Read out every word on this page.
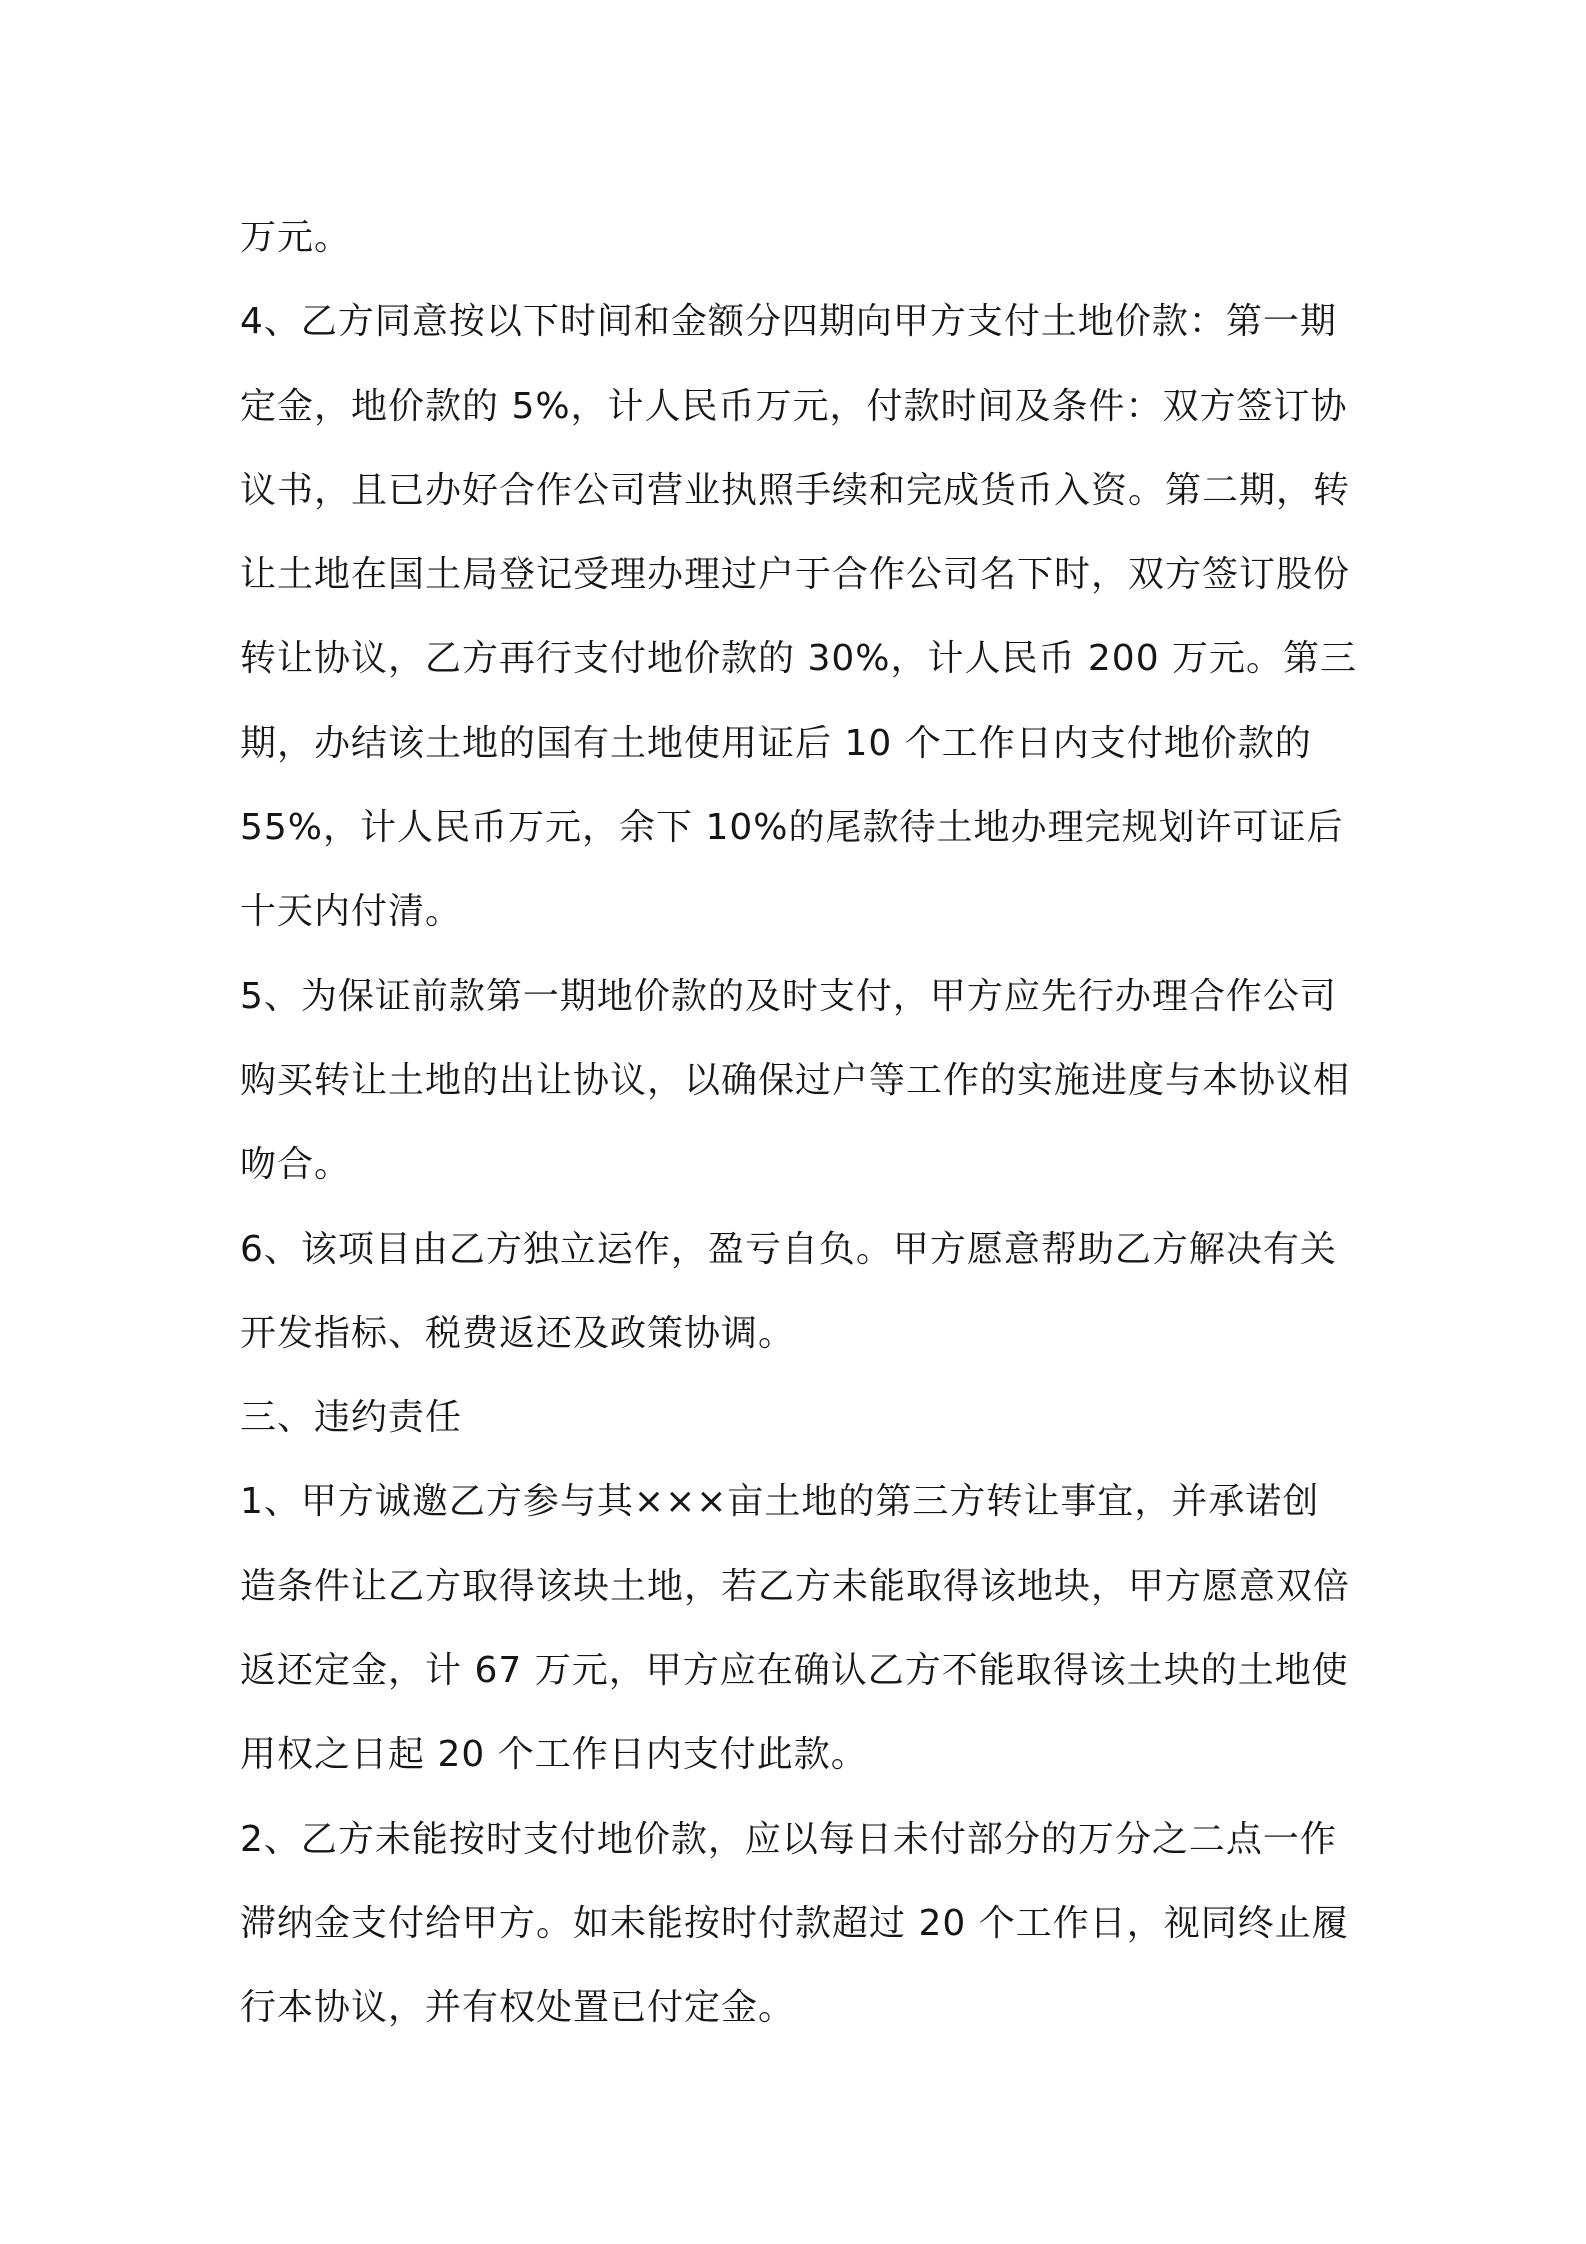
万元。
4、乙方同意按以下时间和金额分四期向甲方支付土地价款：第一期
定金，地价款的 5%，计人民币万元，付款时间及条件：双方签订协
议书，且已办好合作公司营业执照手续和完成货币入资。第二期，转
让土地在国土局登记受理办理过户于合作公司名下时，双方签订股份
转让协议，乙方再行支付地价款的 30%，计人民币 200 万元。第三
期，办结该土地的国有土地使用证后 10 个工作日内支付地价款的
55%，计人民币万元，余下 10%的尾款待土地办理完规划许可证后
十天内付清。
5、为保证前款第一期地价款的及时支付，甲方应先行办理合作公司
购买转让土地的出让协议，以确保过户等工作的实施进度与本协议相
吻合。
6、该项目由乙方独立运作，盈亏自负。甲方愿意帮助乙方解决有关
开发指标、税费返还及政策协调。
三、违约责任
1、甲方诚邀乙方参与其×××亩土地的第三方转让事宜，并承诺创
造条件让乙方取得该块土地，若乙方未能取得该地块，甲方愿意双倍
返还定金，计 67 万元，甲方应在确认乙方不能取得该土块的土地使
用权之日起 20 个工作日内支付此款。
2、乙方未能按时支付地价款，应以每日未付部分的万分之二点一作
滞纳金支付给甲方。如未能按时付款超过 20 个工作日，视同终止履
行本协议，并有权处置已付定金。
